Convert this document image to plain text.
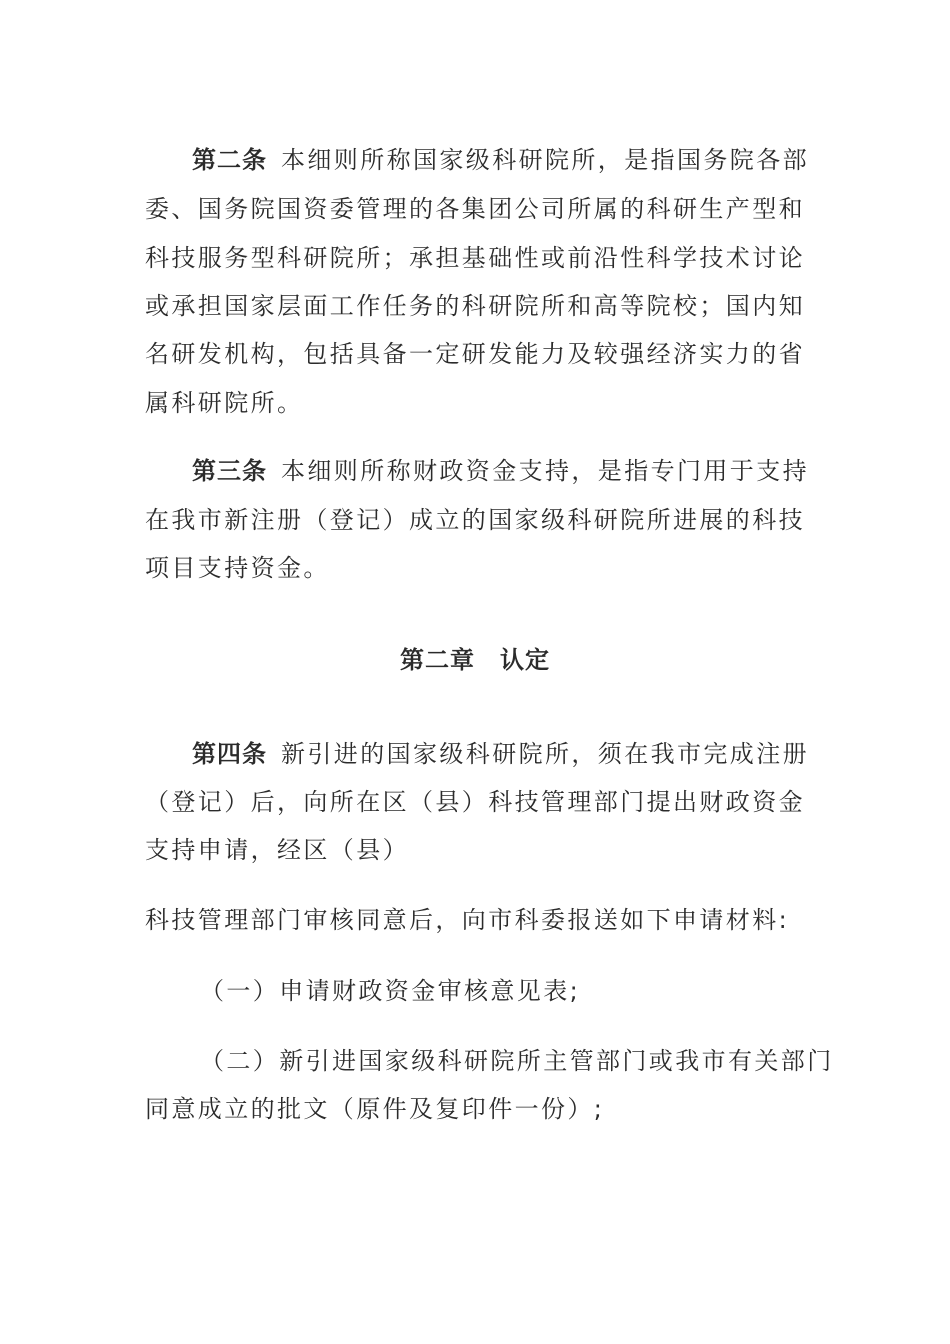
第二条 本细则所称国家级科研院所，是指国务院各部
委、国务院国资委管理的各集团公司所属的科研生产型和
科技服务型科研院所；承担基础性或前沿性科学技术讨论
或承担国家层面工作任务的科研院所和高等院校；国内知
名研发机构，包括具备一定研发能力及较强经济实力的省
属科研院所。
第三条 本细则所称财政资金支持，是指专门用于支持
在我市新注册（登记）成立的国家级科研院所进展的科技
项目支持资金。
第二章　认定
第四条 新引进的国家级科研院所，须在我市完成注册
（登记）后，向所在区（县）科技管理部门提出财政资金
支持申请，经区（县）
科技管理部门审核同意后，向市科委报送如下申请材料:
（一）申请财政资金审核意见表;
（二）新引进国家级科研院所主管部门或我市有关部门
同意成立的批文（原件及复印件一份）;
